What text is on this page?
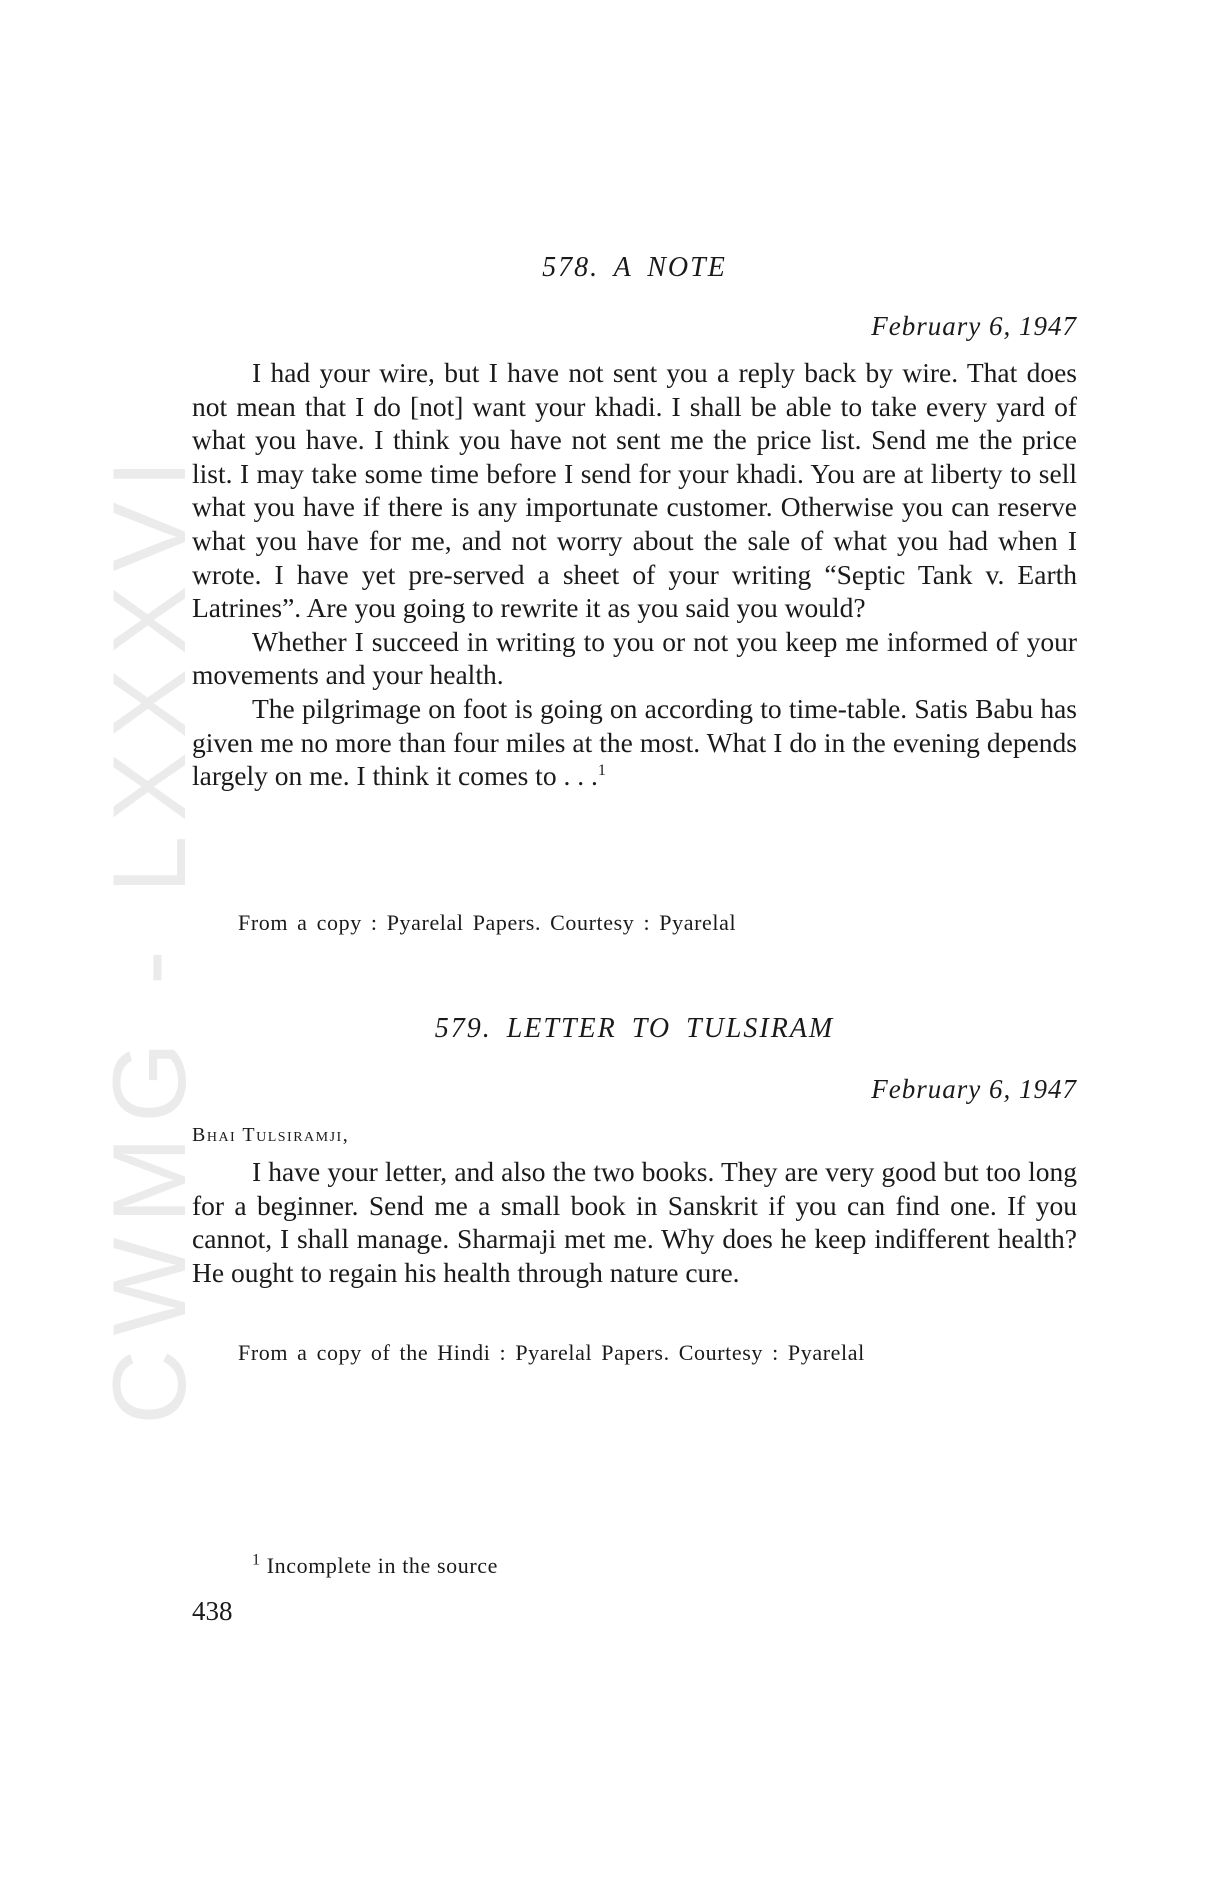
CWMG - LXXXVI
578. A NOTE
February 6, 1947

I had your wire, but I have not sent you a reply back by wire. That does not mean that I do [not] want your khadi. I shall be able to take every yard of what you have. I think you have not sent me the price list. Send me the price list. I may take some time before I send for your khadi. You are at liberty to sell what you have if there is any importunate customer. Otherwise you can reserve what you have for me, and not worry about the sale of what you had when I wrote. I have yet pre-served a sheet of your writing “Septic Tank v. Earth Latrines”. Are you going to rewrite it as you said you would?

Whether I succeed in writing to you or not you keep me informed of your movements and your health.

The pilgrimage on foot is going on according to time-table. Satis Babu has given me no more than four miles at the most. What I do in the evening depends largely on me. I think it comes to . . .$^1$

From a copy : Pyarelal Papers. Courtesy : Pyarelal
579. LETTER TO TULSIRAM
February 6, 1947
Bhai Tulsiramji,

I have your letter, and also the two books. They are very good but too long for a beginner. Send me a small book in Sanskrit if you can find one. If you cannot, I shall manage. Sharmaji met me. Why does he keep indifferent health? He ought to regain his health through nature cure.

From a copy of the Hindi : Pyarelal Papers. Courtesy : Pyarelal
$^1$ Incomplete in the source
438
